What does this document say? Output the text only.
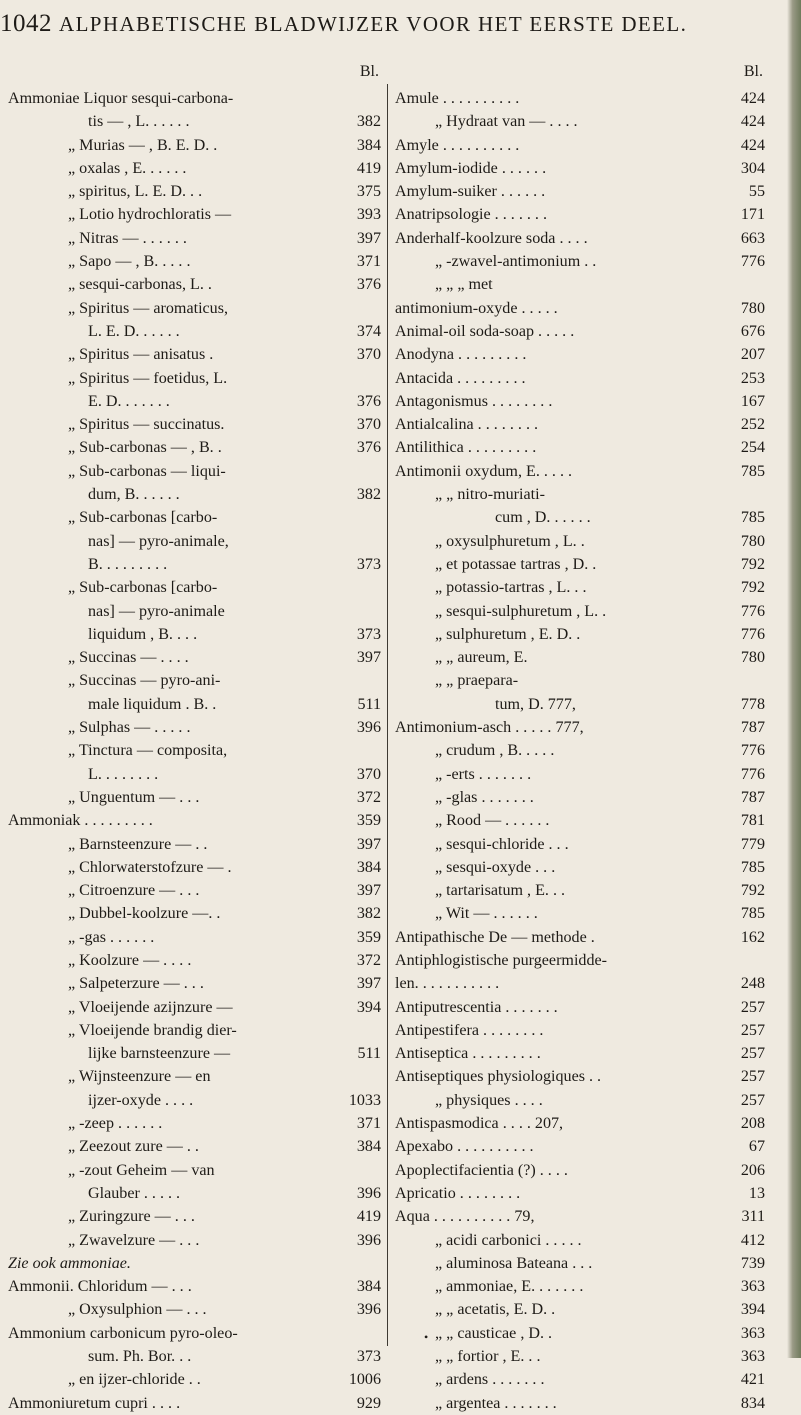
1042 ALPHABETISCHE BLADWIJZER VOOR HET EERSTE DEEL.
Bl.
Ammoniae Liquor sesqui-carbona-
tis — , L. . . . . .	382
„ Murias — , B. E. D. .	384
„ oxalas , E. . . . . .	419
„ spiritus, L. E. D. . .	375
„ Lotio hydrochloratis —	393
„ Nitras — . . . . . .	397
„ Sapo — , B. . . . .	371
„ sesqui-carbonas, L. .	376
„ Spiritus — aromaticus,
L. E. D. . . . . .	374
„ Spiritus — anisatus .	370
„ Spiritus — foetidus, L.
E. D. . . . . . .	376
„ Spiritus — succinatus.	370
„ Sub-carbonas — , B. .	376
„ Sub-carbonas — liqui-
dum, B. . . . . .	382
„ Sub-carbonas [carbo-
nas] — pyro-animale,
B. . . . . . . . .	373
„ Sub-carbonas [carbo-
nas] — pyro-animale
liquidum , B. . . .	373
„ Succinas — . . . .	397
„ Succinas — pyro-ani-
male liquidum . B. .	511
„ Sulphas — . . . . .	396
„ Tinctura — composita,
L. . . . . . . .	370
„ Unguentum — . . .	372
Ammoniak . . . . . . . . .	359
„ Barnsteenzure — . .	397
„ Chlorwaterstofzure — .	384
„ Citroenzure — . . .	397
„ Dubbel-koolzure —. .	382
„ -gas . . . . . .	359
„ Koolzure — . . . .	372
„ Salpeterzure — . . .	397
„ Vloeijende azijnzure —	394
„ Vloeijende brandig dier-
lijke barnsteenzure —	511
„ Wijnsteenzure — en
ijzer-oxyde . . . .	1033
„ -zeep . . . . . .	371
„ Zeezout zure — . .	384
„ -zout Geheim — van
Glauber . . . . .	396
„ Zuringzure — . . .	419
„ Zwavelzure — . . .	396
Zie ook ammoniae.
Ammonii. Chloridum — . . .	384
„ Oxysulphion — . . .	396
Ammonium carbonicum pyro-oleo-
sum. Ph. Bor. . .	373
„ en ijzer-chloride . .	1006
Ammoniuretum cupri . . . .	929
Bl.
Amule . . . . . . . . . .	424
„ Hydraat van — . . . .	424
Amyle . . . . . . . . . .	424
Amylum-iodide . . . . . .	304
Amylum-suiker . . . . . .	55
Anatripsologie . . . . . . .	171
Anderhalf-koolzure soda . . . .	663
„ -zwavel-antimonium . .	776
„ „ „ met
antimonium-oxyde . . . . .	780
Animal-oil soda-soap . . . . .	676
Anodyna . . . . . . . . .	207
Antacida . . . . . . . . .	253
Antagonismus . . . . . . . .	167
Antialcalina . . . . . . . .	252
Antilithica . . . . . . . . .	254
Antimonii oxydum, E. . . . .	785
„ „ nitro-muriati-
cum , D. . . . . .	785
„ oxysulphuretum , L. .	780
„ et potassae tartras , D. .	792
„ potassio-tartras , L. . .	792
„ sesqui-sulphuretum , L. .	776
„ sulphuretum , E. D. .	776
„ „ aureum, E.	780
„ „ praepara-
tum, D. 777,	778
Antimonium-asch . . . . . 777,	787
„ crudum , B. . . . .	776
„ -erts . . . . . . .	776
„ -glas . . . . . . .	787
„ Rood — . . . . . .	781
„ sesqui-chloride . . .	779
„ sesqui-oxyde . . .	785
„ tartarisatum , E. . .	792
„ Wit — . . . . . .	785
Antipathische De — methode .	162
Antiphlogistische purgeermidde-
len. . . . . . . . . . .	248
Antiputrescentia . . . . . . .	257
Antipestifera . . . . . . . .	257
Antiseptica . . . . . . . . .	257
Antiseptiques physiologiques . .	257
„ physiques . . . .	257
Antispasmodica . . . . 207,	208
Apexabo . . . . . . . . . .	67
Apoplectifacientia (?) . . . .	206
Apricatio . . . . . . . .	13
Aqua . . . . . . . . . . 79,	311
„ acidi carbonici . . . . .	412
„ aluminosa Bateana . . .	739
„ ammoniae, E. . . . . . .	363
„ „ acetatis, E. D. .	394
„ „ causticae , D. .	363
„ „ fortior , E. . .	363
„ ardens . . . . . . .	421
„ argentea . . . . . . .	834
•
